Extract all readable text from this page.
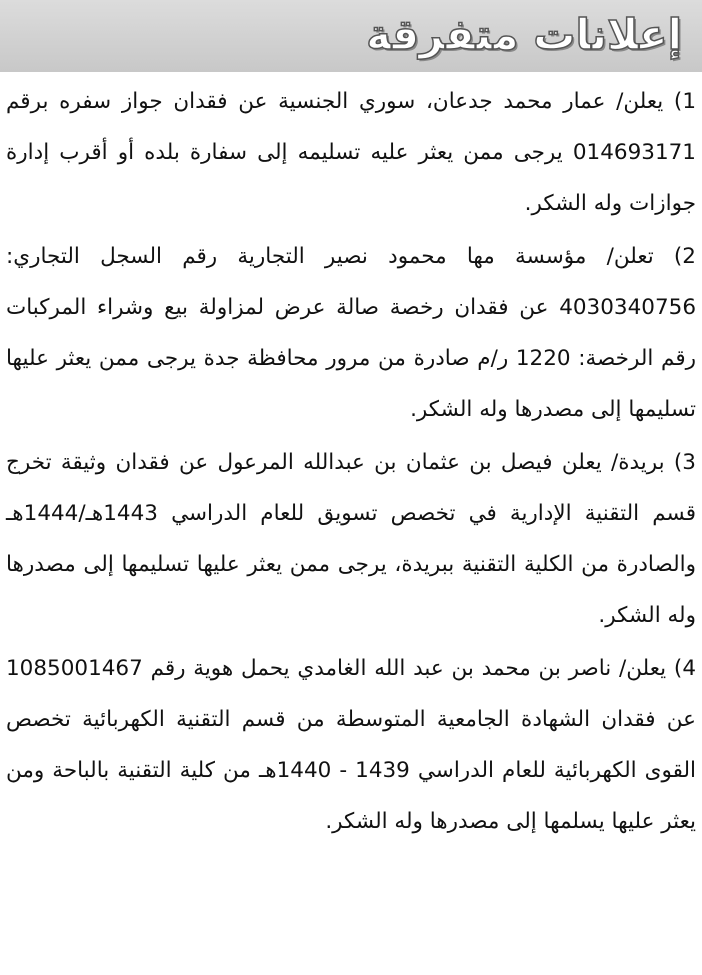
إعلانات متفرقة

1) يعلن/ عمار محمد جدعان، سوري الجنسية عن فقدان جواز سفره برقم 014693171 يرجى ممن يعثر عليه تسليمه إلى سفارة بلده أو أقرب إدارة جوازات وله الشكر.

2) تعلن/ مؤسسة مها محمود نصير التجارية رقم السجل التجاري: 4030340756 عن فقدان رخصة صالة عرض لمزاولة بيع وشراء المركبات رقم الرخصة: 1220 ر/م صادرة من مرور محافظة جدة يرجى ممن يعثر عليها تسليمها إلى مصدرها وله الشكر.

3) بريدة/ يعلن فيصل بن عثمان بن عبدالله المرعول عن فقدان وثيقة تخرج قسم التقنية الإدارية في تخصص تسويق للعام الدراسي 1443هـ/1444هـ والصادرة من الكلية التقنية ببريدة، يرجى ممن يعثر عليها تسليمها إلى مصدرها وله الشكر.

4) يعلن/ ناصر بن محمد بن عبد الله الغامدي يحمل هوية رقم 1085001467 عن فقدان الشهادة الجامعية المتوسطة من قسم التقنية الكهربائية تخصص القوى الكهربائية للعام الدراسي 1439 - 1440هـ من كلية التقنية بالباحة ومن يعثر عليها يسلمها إلى مصدرها وله الشكر.
